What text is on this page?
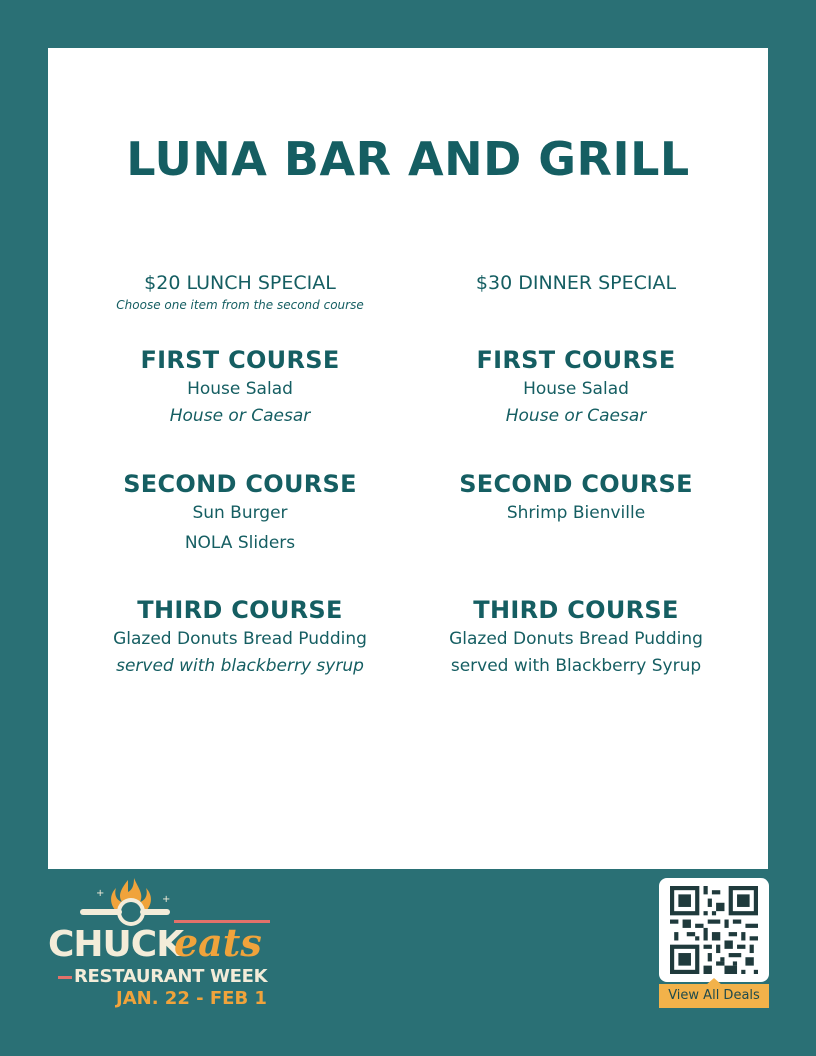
LUNA BAR AND GRILL
$20 LUNCH SPECIAL
Choose one item from the second course
FIRST COURSE
House Salad
House or Caesar
SECOND COURSE
Sun Burger
NOLA Sliders
THIRD COURSE
Glazed Donuts Bread Pudding
served with blackberry syrup
$30 DINNER SPECIAL
FIRST COURSE
House Salad
House or Caesar
SECOND COURSE
Shrimp Bienville
THIRD COURSE
Glazed Donuts Bread Pudding
served with Blackberry Syrup
+
+
CHUCK
eats
RESTAURANT WEEK
JAN. 22 - FEB 1	View All Deals
